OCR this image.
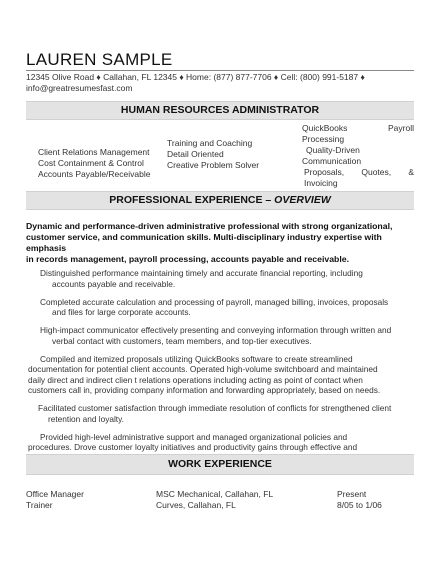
LAUREN SAMPLE
12345 Olive Road ♦ Callahan, FL 12345 ♦ Home: (877) 877-7706 ♦ Cell: (800) 991-5187 ♦
info@greatresumesfast.com
HUMAN RESOURCES ADMINISTRATOR
Client Relations Management
Cost Containment & Control
Accounts Payable/Receivable
Training and Coaching
Detail Oriented
Creative Problem Solver
QuickBooks	Payroll
Processing
Quality-Driven
Communication
Proposals, Quotes, &
Invoicing
PROFESSIONAL EXPERIENCE – OVERVIEW
Dynamic and performance-driven administrative professional with strong organizational,
customer service, and communication skills. Multi-disciplinary industry expertise with emphasis
in records management, payroll processing, accounts payable and receivable.
Distinguished performance maintaining timely and accurate financial reporting, including
accounts payable and receivable.
Completed accurate calculation and processing of payroll, managed billing, invoices, proposals
and files for large corporate accounts.
High-impact communicator effectively presenting and conveying information through written and
verbal contact with customers, team members, and top-tier executives.
Compiled and itemized proposals utilizing QuickBooks software to create streamlined
documentation for potential client accounts. Operated high-volume switchboard and maintained
daily direct and indirect clien t relations operations including acting as point of contact when
customers call in, providing company information and forwarding appropriately, based on needs.
Facilitated customer satisfaction through immediate resolution of conflicts for strengthened client
retention and loyalty.
Provided high-level administrative support and managed organizational policies and
procedures. Drove customer loyalty initiatives and productivity gains through effective and
WORK EXPERIENCE
Office Manager
Trainer
MSC Mechanical, Callahan, FL
Curves, Callahan, FL
Present
8/05 to 1/06
